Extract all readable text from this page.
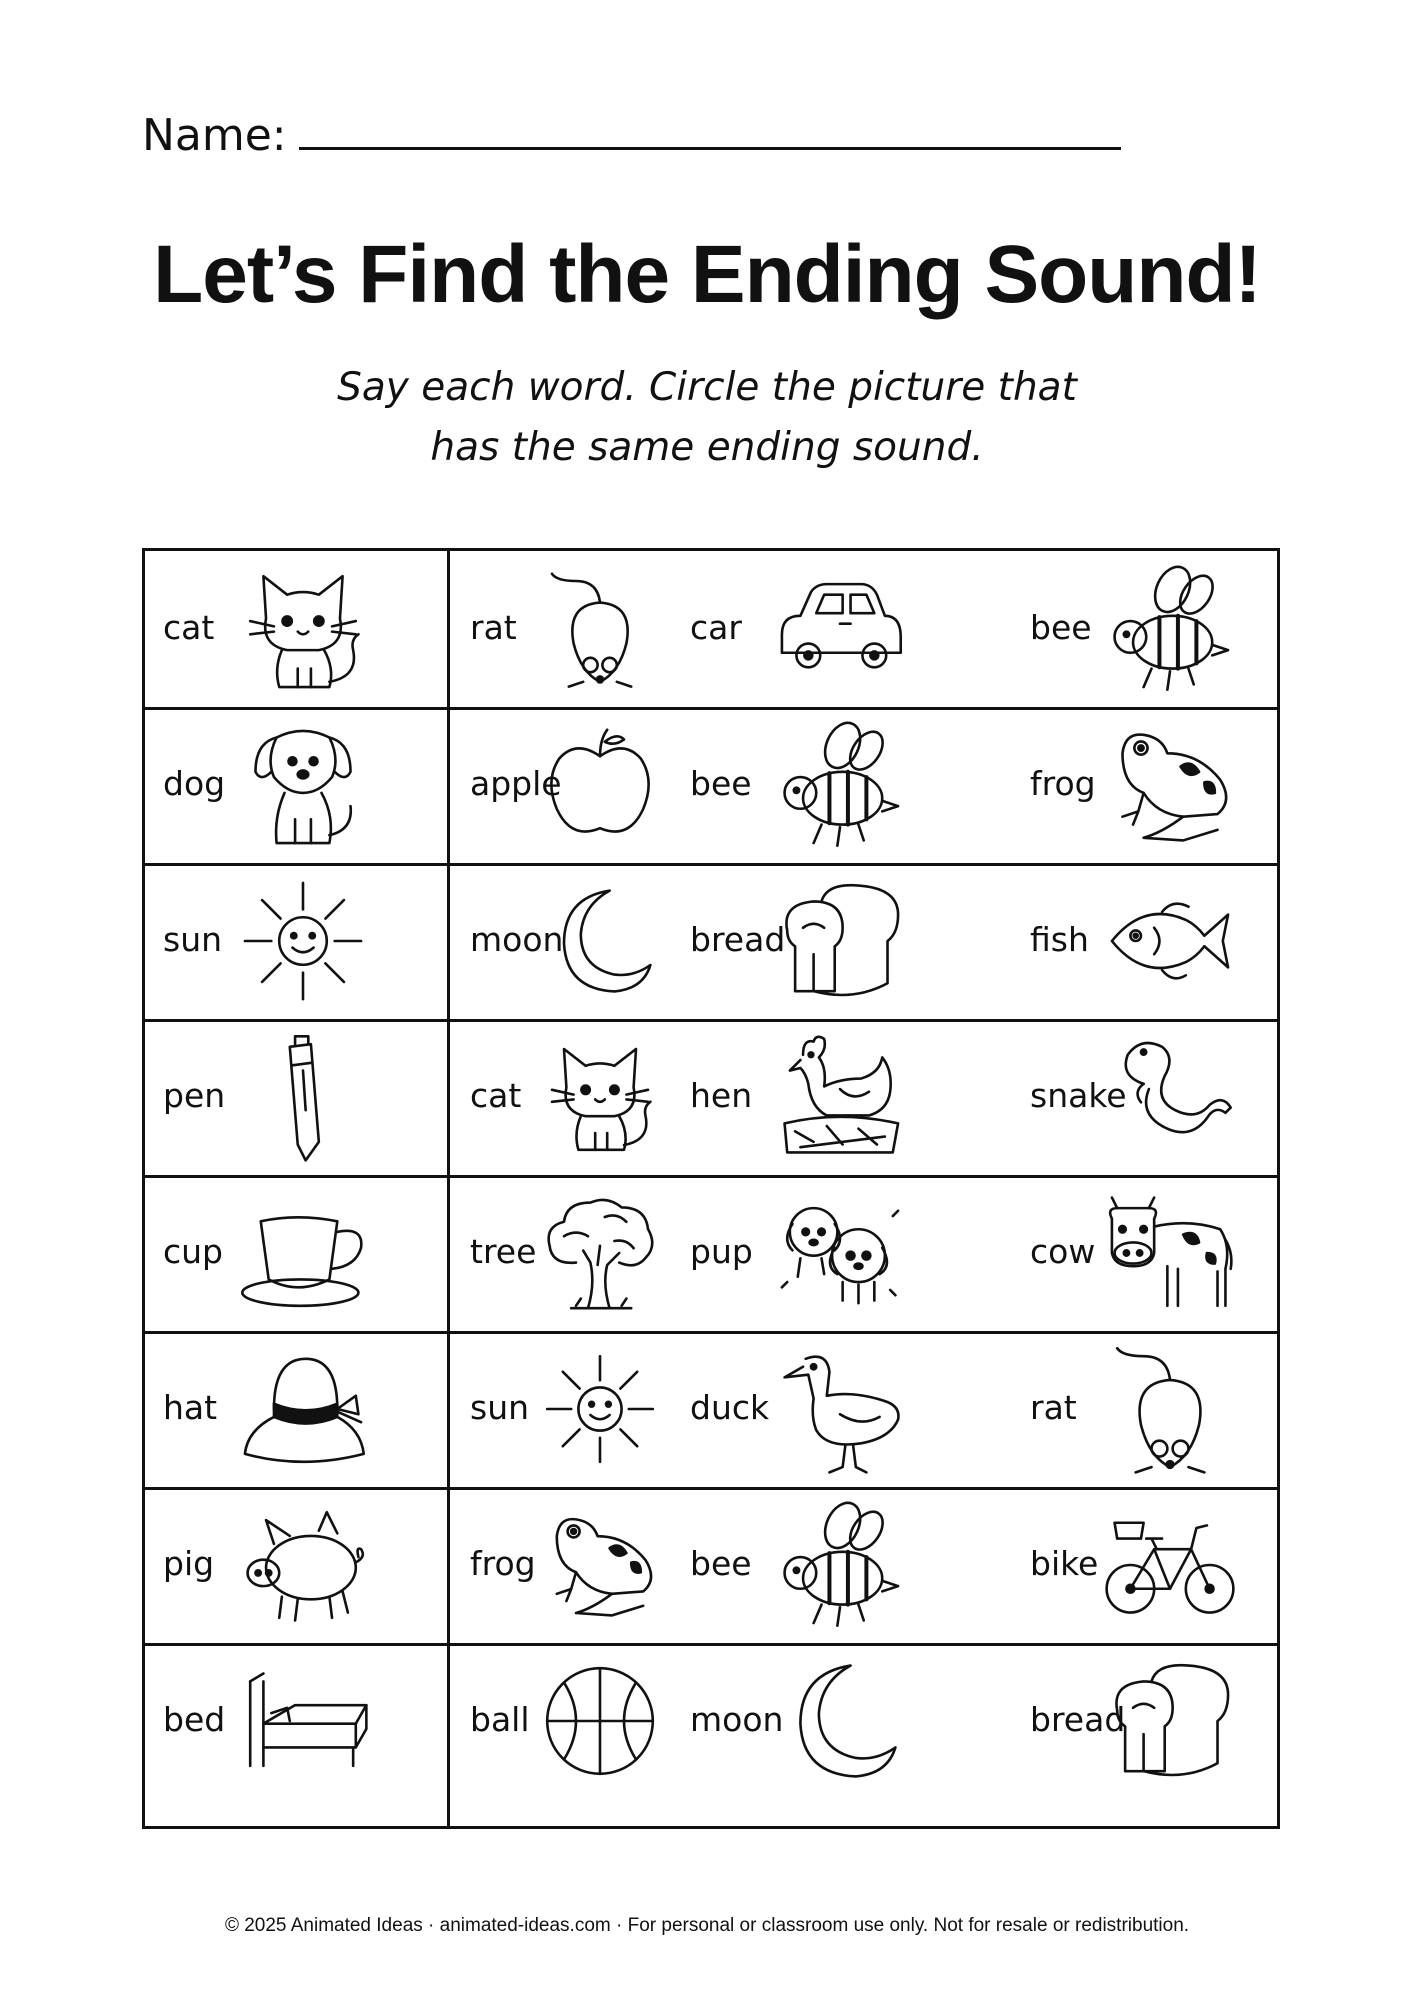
Name:
Let’s Find the Ending Sound!
Say each word. Circle the picture that
has the same ending sound.
cat	rat	car	bee
dog	apple	bee	frog
sun	moon	bread	fish
pen	cat	hen	snake
cup	tree	pup	cow
hat	sun	duck	rat
pig	frog	bee	bike
bed	ball	moon	bread
© 2025 Animated Ideas · animated-ideas.com · For personal or classroom use only. Not for resale or redistribution.
